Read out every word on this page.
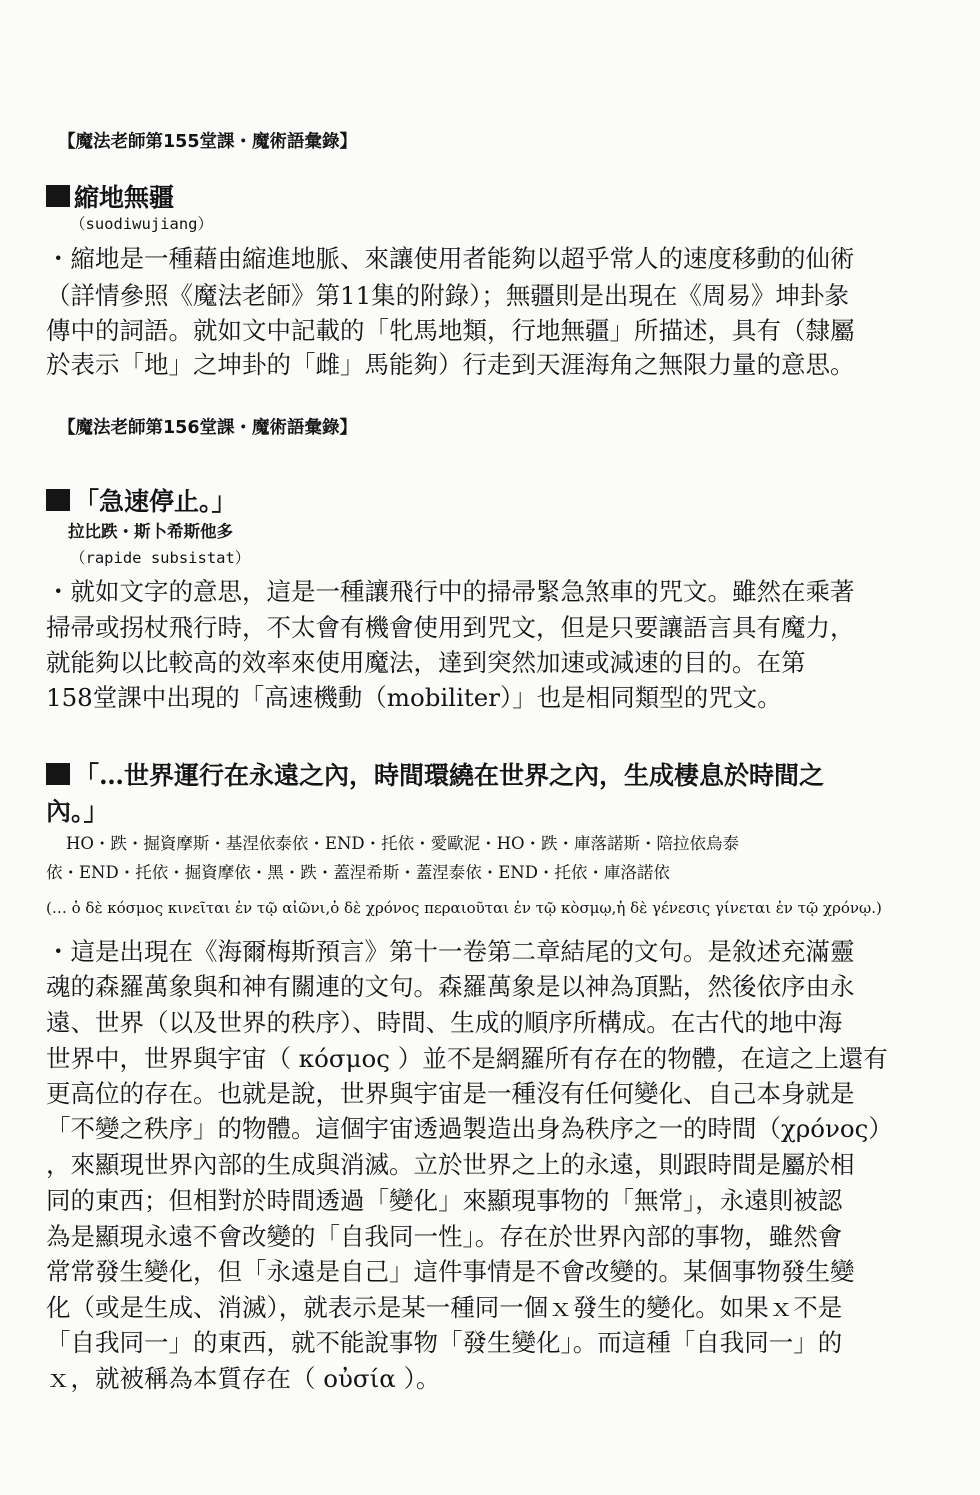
【魔法老師第155堂課・魔術語彙錄】
縮地無疆
（suodiwujiang）
・縮地是一種藉由縮進地脈、來讓使用者能夠以超乎常人的速度移動的仙術
（詳情參照《魔法老師》第11集的附錄）；無疆則是出現在《周易》坤卦彖
傳中的詞語。就如文中記載的「牝馬地類，行地無疆」所描述，具有（隸屬
於表示「地」之坤卦的「雌」馬能夠）行走到天涯海角之無限力量的意思。
【魔法老師第156堂課・魔術語彙錄】
「急速停止。」
拉比跌・斯卜希斯他多
（rapide subsistat）
・就如文字的意思，這是一種讓飛行中的掃帚緊急煞車的咒文。雖然在乘著
掃帚或拐杖飛行時，不太會有機會使用到咒文，但是只要讓語言具有魔力，
就能夠以比較高的效率來使用魔法，達到突然加速或減速的目的。在第
158堂課中出現的「高速機動（mobiliter）」也是相同類型的咒文。
「…世界運行在永遠之內，時間環繞在世界之內，生成棲息於時間之
內。」
HO・跌・掘資摩斯・基涅依泰依・END・托依・愛歐泥・HO・跌・庫落諾斯・陪拉依烏泰
依・END・托依・掘資摩依・黑・跌・蓋涅希斯・蓋涅泰依・END・托依・庫洛諾依
(… ὁ δὲ κόσμος κινεῖται ἐν τῷ αἰῶνι,ὁ δὲ χρόνος περαιοῦται ἐν τῷ κòσμῳ,ἡ δὲ γένεσις γίνεται ἐν τῷ χρόνῳ.)
・這是出現在《海爾梅斯預言》第十一卷第二章結尾的文句。是敘述充滿靈
魂的森羅萬象與和神有關連的文句。森羅萬象是以神為頂點，然後依序由永
遠、世界（以及世界的秩序）、時間、生成的順序所構成。在古代的地中海
世界中，世界與宇宙（ κόσμος ）並不是網羅所有存在的物體，在這之上還有
更高位的存在。也就是說，世界與宇宙是一種沒有任何變化、自己本身就是
「不變之秩序」的物體。這個宇宙透過製造出身為秩序之一的時間（χρόνος）
，來顯現世界內部的生成與消滅。立於世界之上的永遠，則跟時間是屬於相
同的東西；但相對於時間透過「變化」來顯現事物的「無常」，永遠則被認
為是顯現永遠不會改變的「自我同一性」。存在於世界內部的事物，雖然會
常常發生變化，但「永遠是自己」這件事情是不會改變的。某個事物發生變
化（或是生成、消滅），就表示是某一種同一個ｘ發生的變化。如果ｘ不是
「自我同一」的東西，就不能說事物「發生變化」。而這種「自我同一」的
ｘ，就被稱為本質存在（ οὐσία ）。
